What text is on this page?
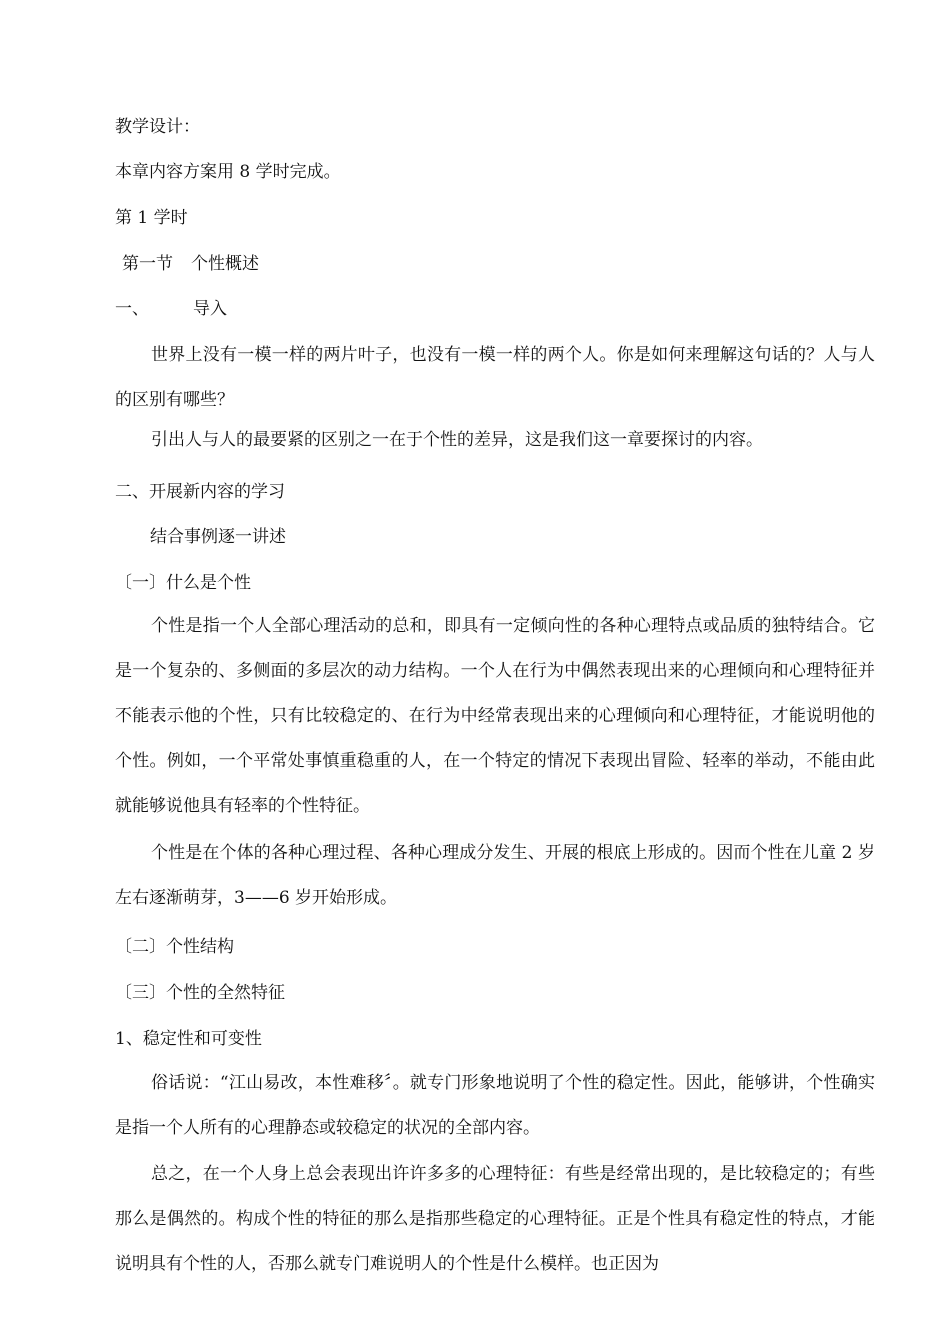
教学设计：
本章内容方案用 8 学时完成。
第 1 学时
第一节 个性概述
一、	导入

世界上没有一模一样的两片叶子，也没有一模一样的两个人。你是如何来理解这句话的？人与人的区别有哪些？

引出人与人的最要紧的区别之一在于个性的差异，这是我们这一章要探讨的内容。

二、开展新内容的学习
结合事例逐一讲述
〔一〕什么是个性

个性是指一个人全部心理活动的总和，即具有一定倾向性的各种心理特点或品质的独特结合。它是一个复杂的、多侧面的多层次的动力结构。一个人在行为中偶然表现出来的心理倾向和心理特征并不能表示他的个性，只有比较稳定的、在行为中经常表现出来的心理倾向和心理特征，才能说明他的个性。例如，一个平常处事慎重稳重的人，在一个特定的情况下表现出冒险、轻率的举动，不能由此就能够说他具有轻率的个性特征。

个性是在个体的各种心理过程、各种心理成分发生、开展的根底上形成的。因而个性在儿童 2 岁左右逐渐萌芽，3——6 岁开始形成。

〔二〕个性结构
〔三〕个性的全然特征
1、稳定性和可变性

俗话说：“江山易改，本性难移〞。就专门形象地说明了个性的稳定性。因此，能够讲，个性确实是指一个人所有的心理静态或较稳定的状况的全部内容。

总之，在一个人身上总会表现出许许多多的心理特征：有些是经常出现的，是比较稳定的；有些那么是偶然的。构成个性的特征的那么是指那些稳定的心理特征。正是个性具有稳定性的特点，才能说明具有个性的人，否那么就专门难说明人的个性是什么模样。也正因为
